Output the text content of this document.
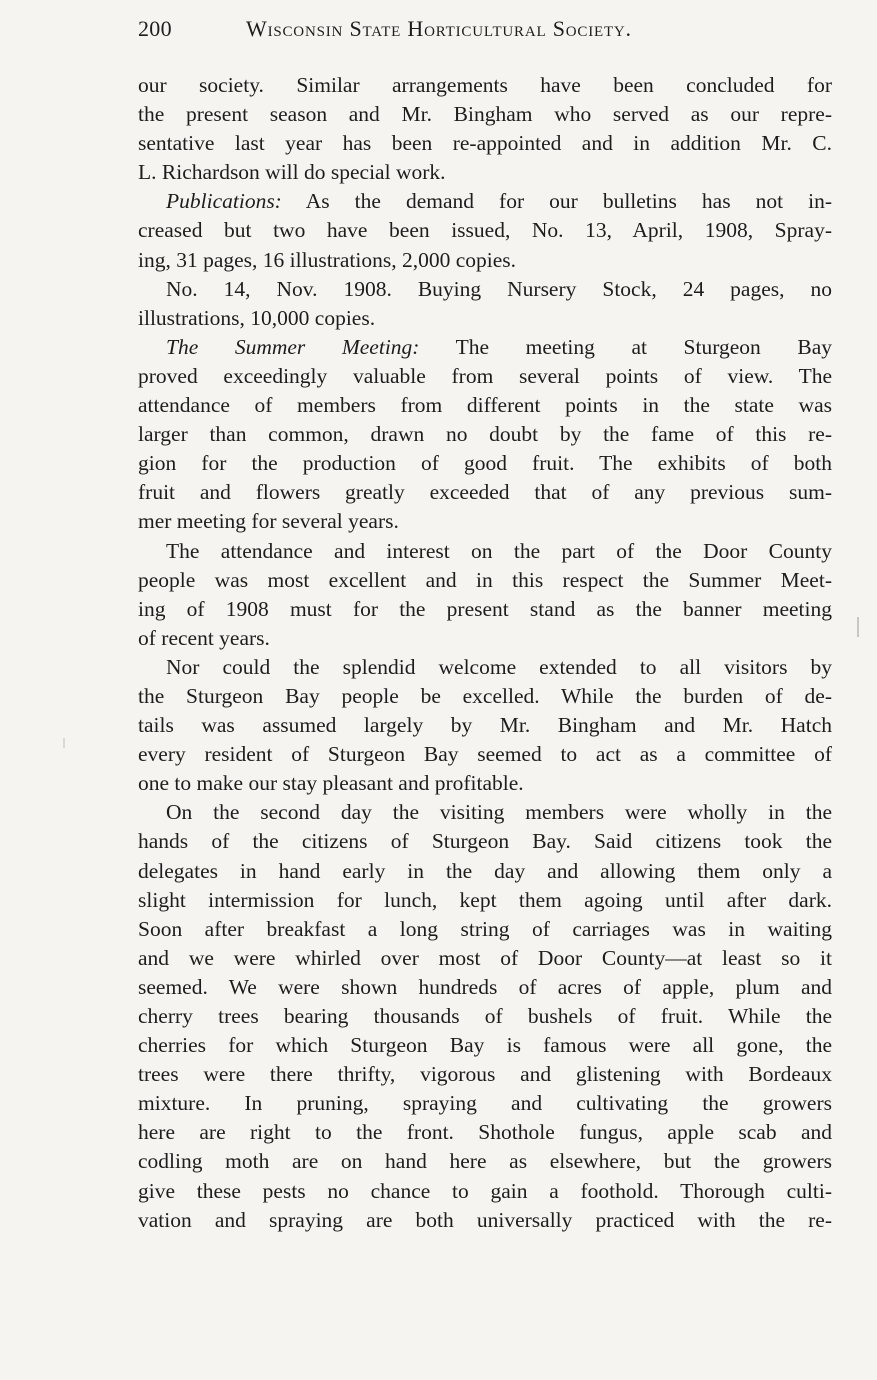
200	Wisconsin State Horticultural Society.
our society. Similar arrangements have been concluded for
the present season and Mr. Bingham who served as our repre-
sentative last year has been re-appointed and in addition Mr. C.
L. Richardson will do special work.
Publications: As the demand for our bulletins has not in-
creased but two have been issued, No. 13, April, 1908, Spray-
ing, 31 pages, 16 illustrations, 2,000 copies.
No. 14, Nov. 1908. Buying Nursery Stock, 24 pages, no
illustrations, 10,000 copies.
The Summer Meeting: The meeting at Sturgeon Bay
proved exceedingly valuable from several points of view. The
attendance of members from different points in the state was
larger than common, drawn no doubt by the fame of this re-
gion for the production of good fruit. The exhibits of both
fruit and flowers greatly exceeded that of any previous sum-
mer meeting for several years.
The attendance and interest on the part of the Door County
people was most excellent and in this respect the Summer Meet-
ing of 1908 must for the present stand as the banner meeting
of recent years.
Nor could the splendid welcome extended to all visitors by
the Sturgeon Bay people be excelled. While the burden of de-
tails was assumed largely by Mr. Bingham and Mr. Hatch
every resident of Sturgeon Bay seemed to act as a committee of
one to make our stay pleasant and profitable.
On the second day the visiting members were wholly in the
hands of the citizens of Sturgeon Bay. Said citizens took the
delegates in hand early in the day and allowing them only a
slight intermission for lunch, kept them agoing until after dark.
Soon after breakfast a long string of carriages was in waiting
and we were whirled over most of Door County—at least so it
seemed. We were shown hundreds of acres of apple, plum and
cherry trees bearing thousands of bushels of fruit. While the
cherries for which Sturgeon Bay is famous were all gone, the
trees were there thrifty, vigorous and glistening with Bordeaux
mixture. In pruning, spraying and cultivating the growers
here are right to the front. Shothole fungus, apple scab and
codling moth are on hand here as elsewhere, but the growers
give these pests no chance to gain a foothold. Thorough culti-
vation and spraying are both universally practiced with the re-
